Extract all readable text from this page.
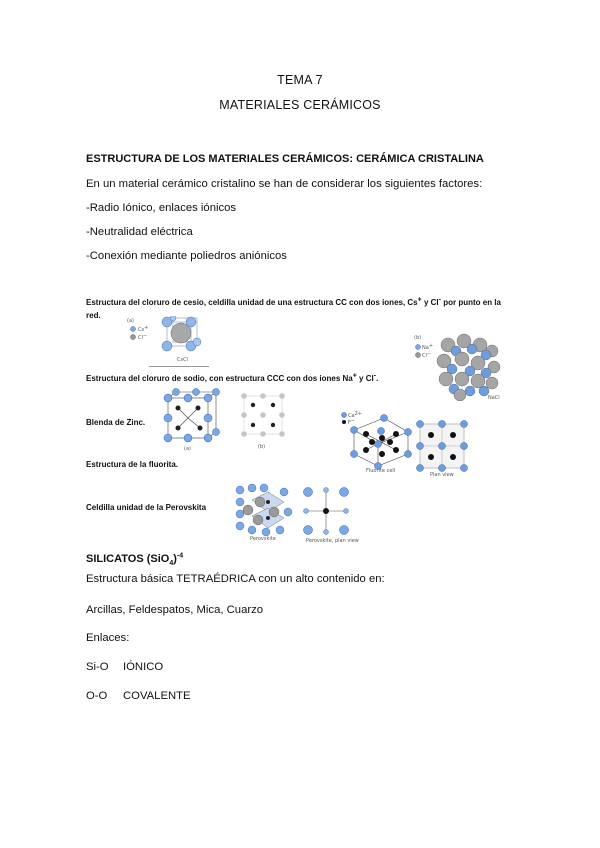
TEMA 7
MATERIALES CERÁMICOS
ESTRUCTURA DE LOS MATERIALES CERÁMICOS: CERÁMICA CRISTALINA
En un material cerámico cristalino se han de considerar los siguientes factores:
-Radio Iónico, enlaces iónicos
-Neutralidad eléctrica
-Conexión mediante poliedros aniónicos
Estructura del cloruro de cesio, celdilla unidad de una estructura CC con dos iones, Cs+ y Cl- por punto en la red.
(a)
Cs+
Cl−
CsCl
(b)
Na+
Cl−
NaCl
Estructura del cloruro de sodio, con estructura CCC con dos iones Na+ y Cl-.
Blenda de Zinc.
(a)	(b)
Ca2+
F−
Fluorite cell
Plan view
Estructura de la fluorita.
Celdilla unidad de la Perovskita
Perovskite	Perovskite, plan view
SILICATOS $(SiO_4)^{-4}$
Estructura básica TETRAÉDRICA con un alto contenido en:
Arcillas, Feldespatos, Mica, Cuarzo
Enlaces:
Si-O IÓNICO
O-O COVALENTE
